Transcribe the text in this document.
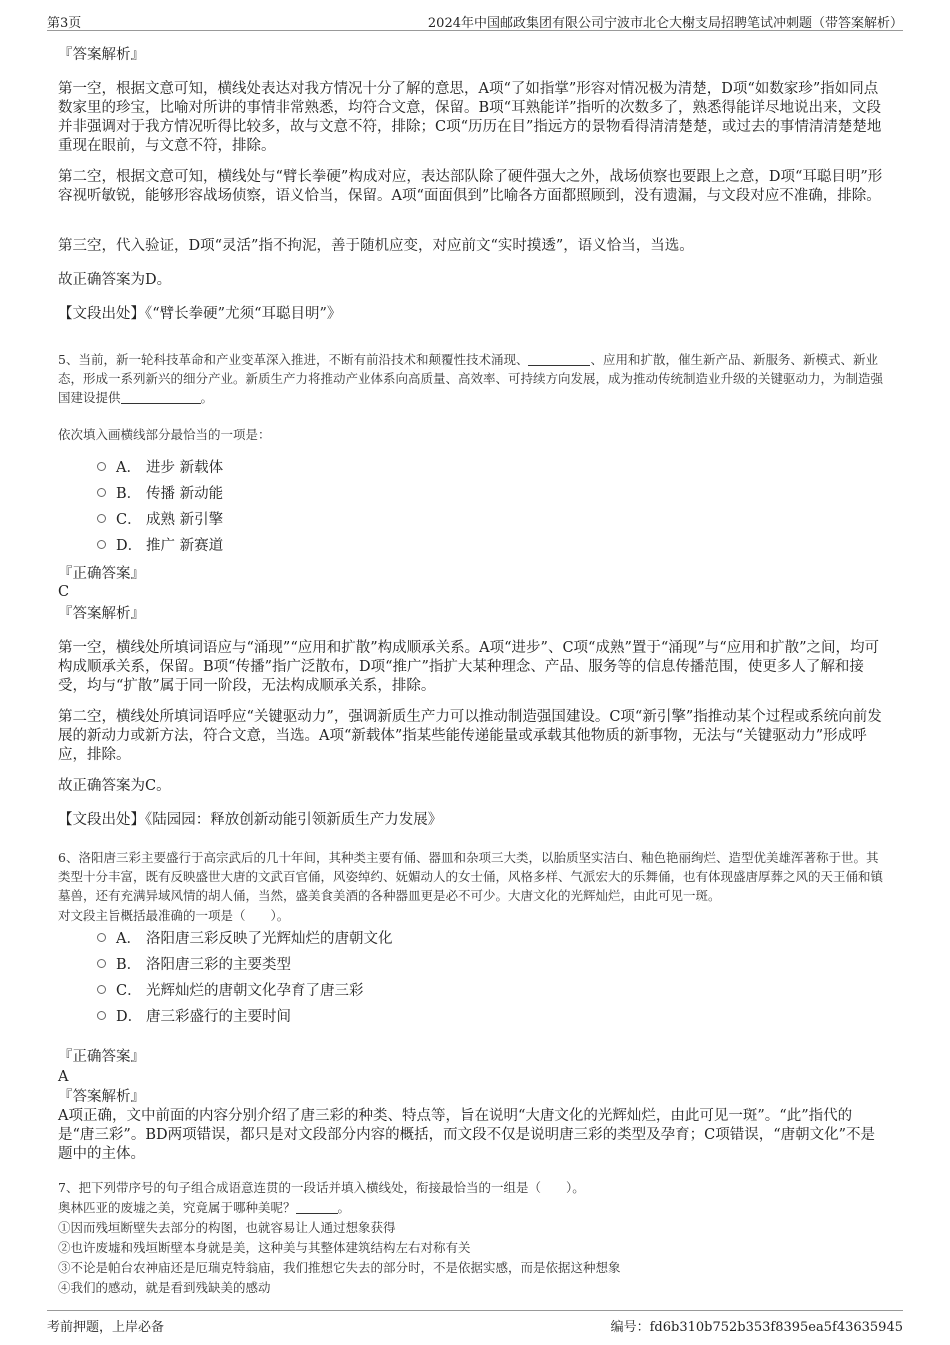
第3页	2024年中国邮政集团有限公司宁波市北仑大榭支局招聘笔试冲刺题（带答案解析）
『答案解析』
第一空，根据文意可知，横线处表达对我方情况十分了解的意思，A项“了如指掌”形容对情况极为清楚，D项“如数家珍”指如同点数家里的珍宝，比喻对所讲的事情非常熟悉，均符合文意，保留。B项“耳熟能详”指听的次数多了，熟悉得能详尽地说出来，文段并非强调对于我方情况听得比较多，故与文意不符，排除；C项“历历在目”指远方的景物看得清清楚楚，或过去的事情清清楚楚地重现在眼前，与文意不符，排除。
第二空，根据文意可知，横线处与“臂长拳硬”构成对应，表达部队除了硬件强大之外，战场侦察也要跟上之意，D项“耳聪目明”形容视听敏锐，能够形容战场侦察，语义恰当，保留。A项“面面俱到”比喻各方面都照顾到，没有遗漏，与文段对应不准确，排除。
第三空，代入验证，D项“灵活”指不拘泥，善于随机应变，对应前文“实时摸透”，语义恰当，当选。
故正确答案为D。
【文段出处】《“臂长拳硬”尤须“耳聪目明”》
5、当前，新一轮科技革命和产业变革深入推进，不断有前沿技术和颠覆性技术涌现、	、应用和扩散，催生新产品、新服务、新模式、新业态，形成一系列新兴的细分产业。新质生产力将推动产业体系向高质量、高效率、可持续方向发展，成为推动传统制造业升级的关键驱动力，为制造强国建设提供	。
依次填入画横线部分最恰当的一项是：
A． 进步 新载体
B． 传播 新动能
C． 成熟 新引擎
D． 推广 新赛道
『正确答案』
C
『答案解析』
第一空，横线处所填词语应与“涌现”“应用和扩散”构成顺承关系。A项“进步”、C项“成熟”置于“涌现”与“应用和扩散”之间，均可构成顺承关系，保留。B项“传播”指广泛散布，D项“推广”指扩大某种理念、产品、服务等的信息传播范围，使更多人了解和接受，均与“扩散”属于同一阶段，无法构成顺承关系，排除。
第二空，横线处所填词语呼应“关键驱动力”，强调新质生产力可以推动制造强国建设。C项“新引擎”指推动某个过程或系统向前发展的新动力或新方法，符合文意，当选。A项“新载体”指某些能传递能量或承载其他物质的新事物，无法与“关键驱动力”形成呼应，排除。
故正确答案为C。
【文段出处】《陆园园：释放创新动能引领新质生产力发展》
6、洛阳唐三彩主要盛行于高宗武后的几十年间，其种类主要有俑、器皿和杂项三大类，以胎质坚实洁白、釉色艳丽绚烂、造型优美雄浑著称于世。其类型十分丰富，既有反映盛世大唐的文武百官俑，风姿绰约、妩媚动人的女士俑，风格多样、气派宏大的乐舞俑，也有体现盛唐厚葬之风的天王俑和镇墓兽，还有充满异域风情的胡人俑，当然，盛美食美酒的各种器皿更是必不可少。大唐文化的光辉灿烂，由此可见一斑。
对文段主旨概括最准确的一项是（　　）。
A． 洛阳唐三彩反映了光辉灿烂的唐朝文化
B． 洛阳唐三彩的主要类型
C． 光辉灿烂的唐朝文化孕育了唐三彩
D． 唐三彩盛行的主要时间
『正确答案』
A
『答案解析』
A项正确，文中前面的内容分别介绍了唐三彩的种类、特点等，旨在说明“大唐文化的光辉灿烂，由此可见一斑”。“此”指代的是“唐三彩”。BD两项错误，都只是对文段部分内容的概括，而文段不仅是说明唐三彩的类型及孕育；C项错误，“唐朝文化”不是题中的主体。
7、把下列带序号的句子组合成语意连贯的一段话并填入横线处，衔接最恰当的一组是（　　）。
奥林匹亚的废墟之美，究竟属于哪种美呢？	。
①因而残垣断壁失去部分的构图，也就容易让人通过想象获得
②也许废墟和残垣断壁本身就是美，这种美与其整体建筑结构左右对称有关
③不论是帕台农神庙还是厄瑞克特翁庙，我们推想它失去的部分时，不是依据实感，而是依据这种想象
④我们的感动，就是看到残缺美的感动
考前押题，上岸必备	编号：fd6b310b752b353f8395ea5f43635945
